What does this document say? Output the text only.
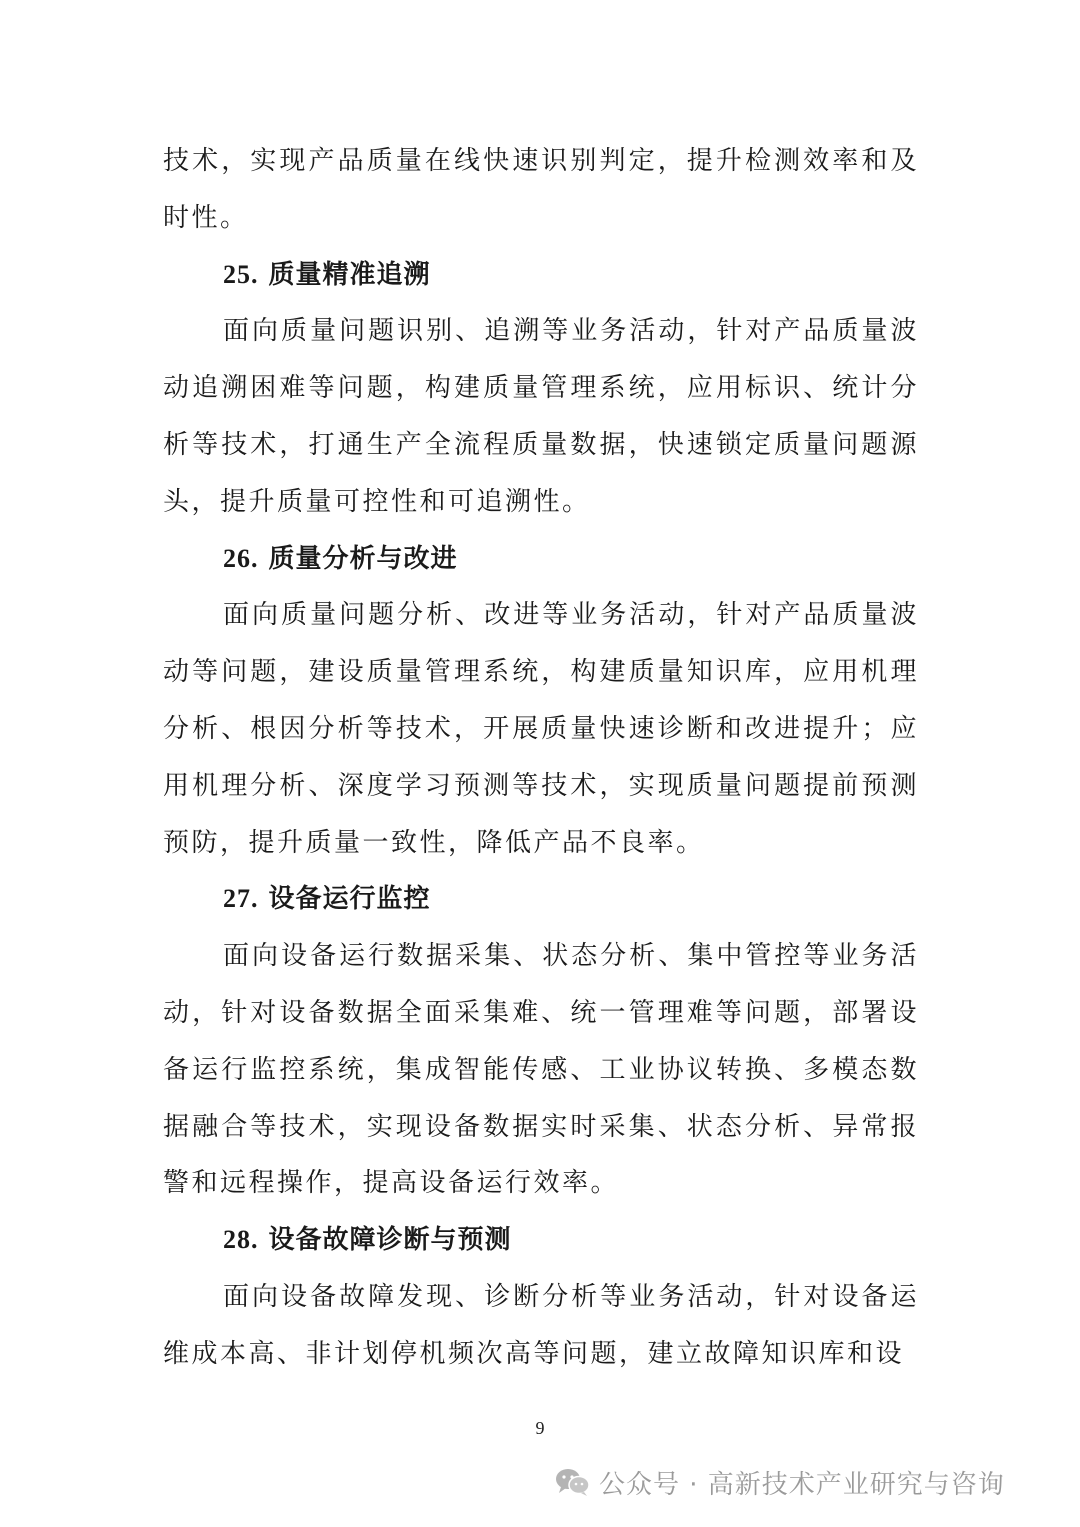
技术，实现产品质量在线快速识别判定，提升检测效率和及时性。

25. 质量精准追溯

面向质量问题识别、追溯等业务活动，针对产品质量波动追溯困难等问题，构建质量管理系统，应用标识、统计分析等技术，打通生产全流程质量数据，快速锁定质量问题源头，提升质量可控性和可追溯性。

26. 质量分析与改进

面向质量问题分析、改进等业务活动，针对产品质量波动等问题，建设质量管理系统，构建质量知识库，应用机理分析、根因分析等技术，开展质量快速诊断和改进提升；应用机理分析、深度学习预测等技术，实现质量问题提前预测预防，提升质量一致性，降低产品不良率。

27. 设备运行监控

面向设备运行数据采集、状态分析、集中管控等业务活动，针对设备数据全面采集难、统一管理难等问题，部署设备运行监控系统，集成智能传感、工业协议转换、多模态数据融合等技术，实现设备数据实时采集、状态分析、异常报警和远程操作，提高设备运行效率。

28. 设备故障诊断与预测

面向设备故障发现、诊断分析等业务活动，针对设备运维成本高、非计划停机频次高等问题，建立故障知识库和设

9
公众号 · 高新技术产业研究与咨询
